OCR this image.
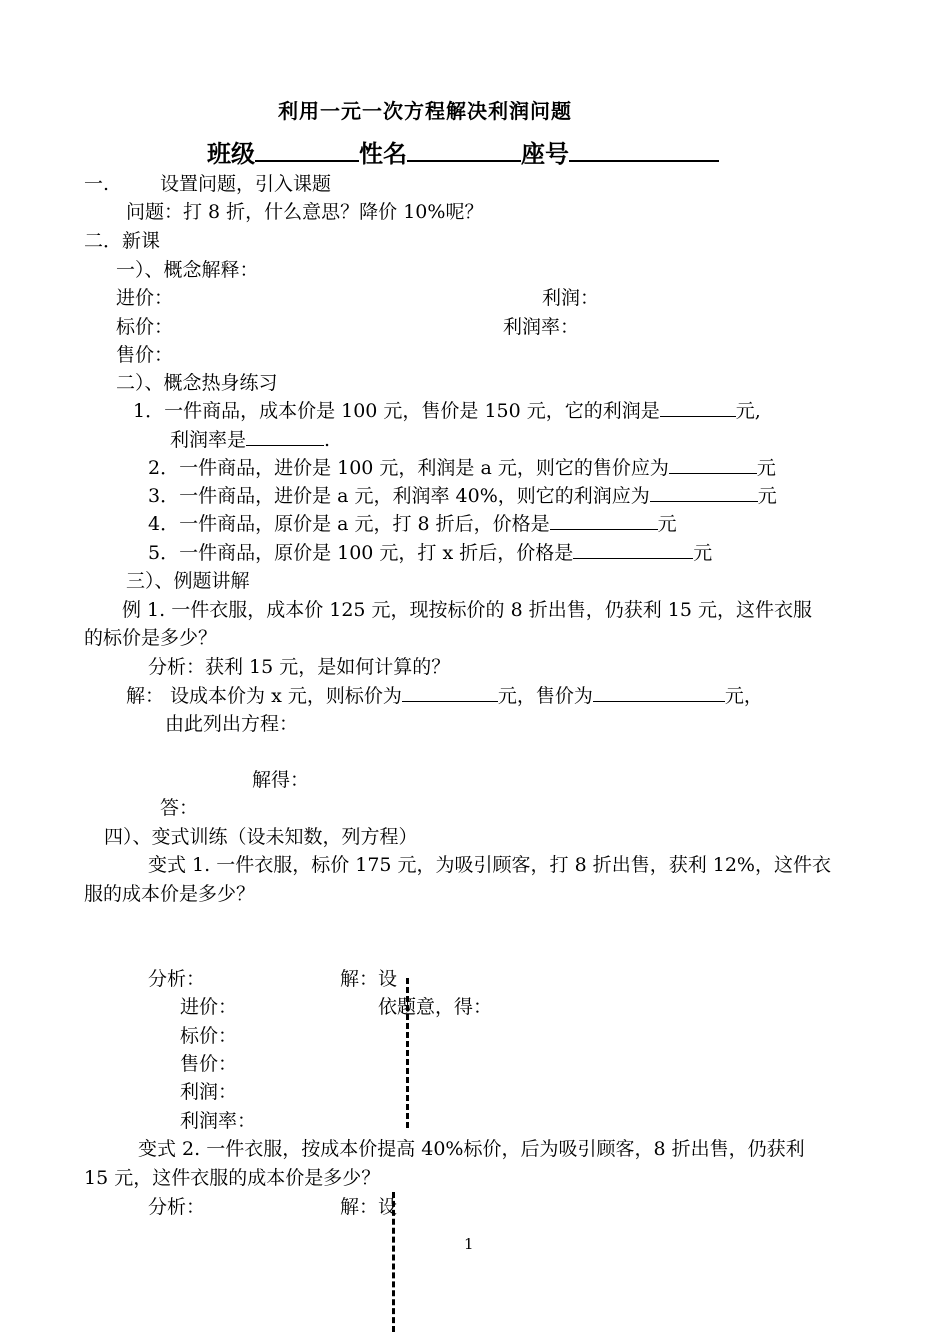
利用一元一次方程解决利润问题
班级	性名	座号
一.	设置问题，引入课题
问题：打 8 折，什么意思？降价 10%呢？
二．新课
一）、概念解释：
进价：	利润：
标价：	利润率：
售价：
二）、概念热身练习
1．一件商品，成本价是 100 元，售价是 150 元，它的利润是	元,
利润率是	.
2．一件商品，进价是 100 元，利润是 a 元，则它的售价应为	元
3．一件商品，进价是 a 元，利润率 40%，则它的利润应为	元
4．一件商品，原价是 a 元，打 8 折后，价格是	元
5．一件商品，原价是 100 元，打 x 折后，价格是	元
三）、例题讲解
例 1. 一件衣服，成本价 125 元，现按标价的 8 折出售，仍获利 15 元，这件衣服
的标价是多少？
分析：获利 15 元，是如何计算的？
解： 设成本价为 x 元，则标价为	元，售价为	元，
由此列出方程：
解得：
答：
四）、变式训练（设未知数，列方程）
变式 1. 一件衣服，标价 175 元，为吸引顾客，打 8 折出售，获利 12%，这件衣
服的成本价是多少？
分析：	解：设
进价：	依题意，得：
标价：
售价：
利润：
利润率：
变式 2. 一件衣服，按成本价提高 40%标价，后为吸引顾客，8 折出售，仍获利
15 元，这件衣服的成本价是多少？
分析：	解：设
1
